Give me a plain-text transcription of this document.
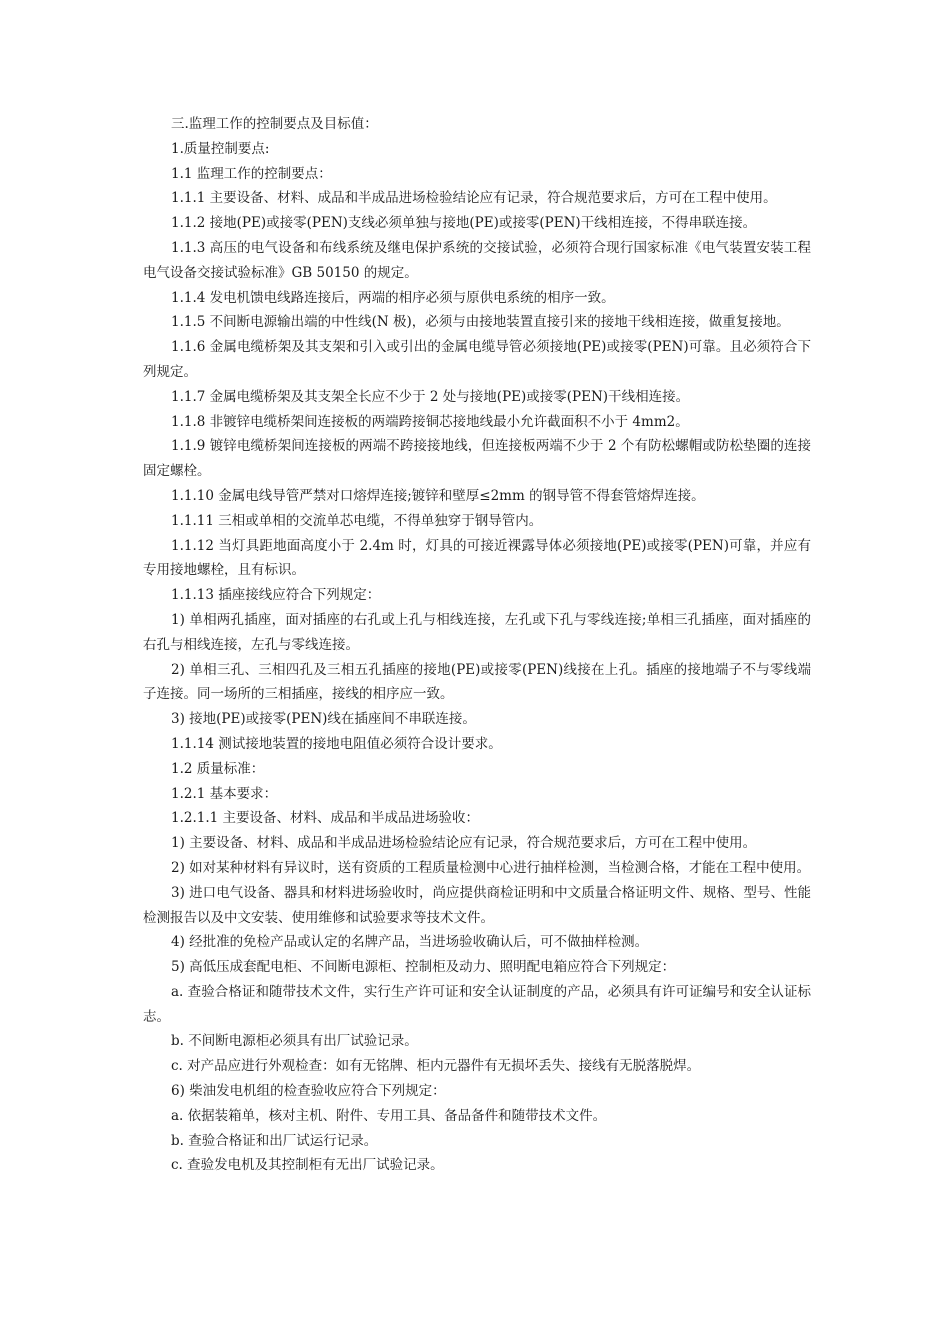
三.监理工作的控制要点及目标值：

1.质量控制要点:

1.1 监理工作的控制要点：

1.1.1 主要设备、材料、成品和半成品进场检验结论应有记录，符合规范要求后，方可在工程中使用。

1.1.2 接地(PE)或接零(PEN)支线必须单独与接地(PE)或接零(PEN)干线相连接，不得串联连接。

1.1.3 高压的电气设备和布线系统及继电保护系统的交接试验，必须符合现行国家标准《电气装置安装工程电气设备交接试验标准》GB 50150 的规定。

1.1.4 发电机馈电线路连接后，两端的相序必须与原供电系统的相序一致。

1.1.5 不间断电源输出端的中性线(N 极)，必须与由接地装置直接引来的接地干线相连接，做重复接地。

1.1.6 金属电缆桥架及其支架和引入或引出的金属电缆导管必须接地(PE)或接零(PEN)可靠。且必须符合下列规定。

1.1.7 金属电缆桥架及其支架全长应不少于 2 处与接地(PE)或接零(PEN)干线相连接。

1.1.8 非镀锌电缆桥架间连接板的两端跨接铜芯接地线最小允许截面积不小于 4mm2。

1.1.9 镀锌电缆桥架间连接板的两端不跨接接地线，但连接板两端不少于 2 个有防松螺帽或防松垫圈的连接固定螺栓。

1.1.10 金属电线导管严禁对口熔焊连接;镀锌和壁厚≤2mm 的钢导管不得套管熔焊连接。

1.1.11 三相或单相的交流单芯电缆，不得单独穿于钢导管内。

1.1.12 当灯具距地面高度小于 2.4m 时，灯具的可接近裸露导体必须接地(PE)或接零(PEN)可靠，并应有专用接地螺栓，且有标识。

1.1.13 插座接线应符合下列规定：

1) 单相两孔插座，面对插座的右孔或上孔与相线连接，左孔或下孔与零线连接;单相三孔插座，面对插座的右孔与相线连接，左孔与零线连接。

2) 单相三孔、三相四孔及三相五孔插座的接地(PE)或接零(PEN)线接在上孔。插座的接地端子不与零线端子连接。同一场所的三相插座，接线的相序应一致。

3) 接地(PE)或接零(PEN)线在插座间不串联连接。

1.1.14 测试接地装置的接地电阻值必须符合设计要求。

1.2 质量标准：

1.2.1 基本要求：

1.2.1.1 主要设备、材料、成品和半成品进场验收：

1) 主要设备、材料、成品和半成品进场检验结论应有记录，符合规范要求后，方可在工程中使用。

2) 如对某种材料有异议时，送有资质的工程质量检测中心进行抽样检测，当检测合格，才能在工程中使用。

3) 进口电气设备、器具和材料进场验收时，尚应提供商检证明和中文质量合格证明文件、规格、型号、性能检测报告以及中文安装、使用维修和试验要求等技术文件。

4) 经批准的免检产品或认定的名牌产品，当进场验收确认后，可不做抽样检测。

5) 高低压成套配电柜、不间断电源柜、控制柜及动力、照明配电箱应符合下列规定：

a. 查验合格证和随带技术文件，实行生产许可证和安全认证制度的产品，必须具有许可证编号和安全认证标志。

b. 不间断电源柜必须具有出厂试验记录。

c. 对产品应进行外观检查：如有无铭牌、柜内元器件有无损坏丢失、接线有无脱落脱焊。

6) 柴油发电机组的检查验收应符合下列规定：

a. 依据装箱单，核对主机、附件、专用工具、备品备件和随带技术文件。

b. 查验合格证和出厂试运行记录。

c. 查验发电机及其控制柜有无出厂试验记录。
